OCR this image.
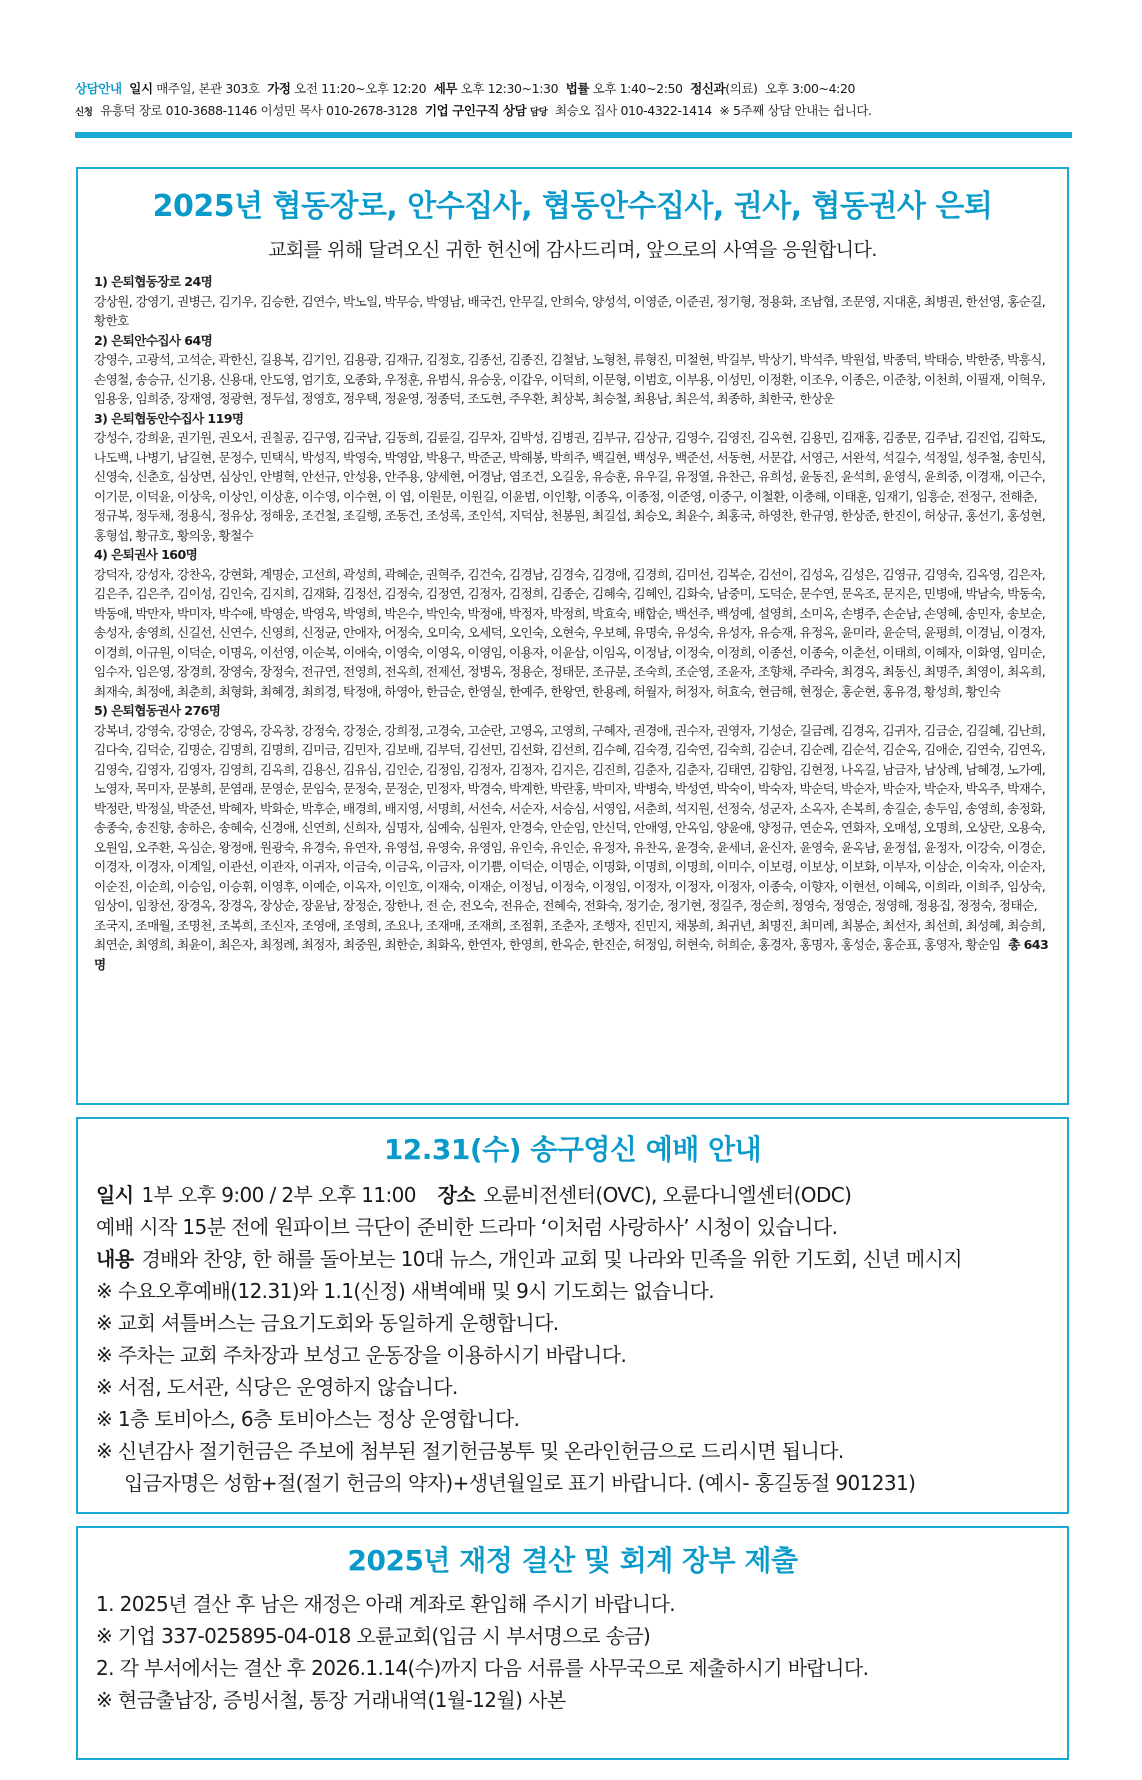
상담안내 일시 매주일, 본관 303호 가정 오전 11:20~오후 12:20 세무 오후 12:30~1:30 법률 오후 1:40~2:50 정신과(의료) 오후 3:00~4:20
신청 유흥덕 장로 010-3688-1146 이성민 목사 010-2678-3128 기업 구인구직 상담 담당 최승오 집사 010-4322-1414 ※ 5주째 상담 안내는 쉽니다.
2025년 협동장로, 안수집사, 협동안수집사, 권사, 협동권사 은퇴
교회를 위해 달려오신 귀한 헌신에 감사드리며, 앞으로의 사역을 응원합니다.
1) 은퇴협동장로 24명
강상원, 강영기, 권병근, 김기우, 김승한, 김연수, 박노일, 박무승, 박영남, 배국건, 안무길, 안희숙, 양성석, 이영준, 이준권, 정기형, 정용화, 조남협, 조문영, 지대훈, 최병권, 한선영, 홍순길, 황한호
2) 은퇴안수집사 64명
강영수, 고광석, 고석순, 곽한신, 길용복, 김기인, 김용광, 김재규, 김정호, 김종선, 김종진, 김철남, 노형천, 류형진, 미철현, 박길부, 박상기, 박석주, 박원섭, 박종덕, 박태승, 박한중, 박흥식, 손영철, 송승규, 신기용, 신용대, 안도영, 엄기호, 오종화, 우정훈, 유범식, 유승웅, 이갑우, 이덕희, 이문형, 이범호, 이부용, 이성민, 이정환, 이조우, 이종은, 이준창, 이천희, 이필재, 이혁우, 임용웅, 임희중, 장재영, 정광현, 정두섭, 정영호, 정우택, 정윤영, 정종덕, 조도현, 주우환, 최상복, 최승철, 최용남, 최은석, 최종하, 최한국, 한상운
3) 은퇴협동안수집사 119명
강성수, 강희윤, 권기원, 권오서, 권칠공, 김구영, 김국남, 김동희, 김륜길, 김무차, 김박성, 김병권, 김부규, 김상규, 김영수, 김영진, 김옥현, 김용민, 김재홍, 김종문, 김주남, 김진업, 김학도, 나도백, 나병기, 남길현, 문정수, 민택식, 박성직, 박영숙, 박영암, 박용구, 박준군, 박해봉, 박희주, 백길현, 백성우, 백준선, 서동현, 서문갑, 서영근, 서완석, 석길수, 석정일, 성주철, 송민식, 신영숙, 신춘호, 심상면, 심상인, 안병혁, 안선규, 안성용, 안주용, 양세현, 어경남, 염조건, 오길웅, 유승훈, 유우길, 유정열, 유찬근, 유희성, 윤동진, 윤석희, 윤영식, 윤희중, 이경재, 이근수, 이기문, 이덕윤, 이상욱, 이상인, 이상훈, 이수영, 이수현, 이 엽, 이원문, 이원길, 이윤범, 이인황, 이종옥, 이종정, 이준영, 이중구, 이철환, 이충해, 이태훈, 임재기, 임흥순, 전정구, 전해춘, 정규복, 정두채, 정용식, 정유상, 정해웅, 조건철, 조길행, 조동건, 조성록, 조인석, 지덕삼, 천봉원, 최길섭, 최승오, 최윤수, 최홍국, 하영찬, 한규영, 한상준, 한진이, 허상규, 홍선기, 홍성현, 홍형섭, 황규호, 황의웅, 황철수
4) 은퇴권사 160명
강덕자, 강성자, 강찬옥, 강현화, 계명순, 고선희, 곽성희, 곽혜순, 권혁주, 김건숙, 김경남, 김경숙, 김경애, 김경희, 김미선, 김복순, 김선이, 김성옥, 김성은, 김영규, 김영숙, 김옥영, 김은자, 김은주, 김은주, 김이성, 김인숙, 김지희, 김재화, 김정선, 김정숙, 김정연, 김정자, 김정희, 김종순, 김혜숙, 김혜인, 김화숙, 남중미, 도덕순, 문수연, 문옥조, 문지은, 민병애, 박남숙, 박동숙, 박동애, 박만자, 박미자, 박수애, 박영순, 박영옥, 박영희, 박은수, 박인숙, 박정애, 박정자, 박정희, 박효숙, 배합순, 백선주, 백성예, 설영희, 소미옥, 손병주, 손순남, 손영혜, 송민자, 송보순, 송성자, 송영희, 신길선, 신연수, 신영희, 신정균, 안애자, 어정숙, 오미숙, 오세덕, 오인숙, 오현숙, 우보혜, 유명숙, 유성숙, 유성자, 유승재, 유정옥, 윤미라, 윤순덕, 윤평희, 이경님, 이경자, 이경희, 이규원, 이덕순, 이명옥, 이선영, 이순복, 이애숙, 이영숙, 이영옥, 이영임, 이용자, 이윤삼, 이임옥, 이정남, 이정숙, 이정희, 이종선, 이종숙, 이춘선, 이태희, 이혜자, 이화영, 임미순, 임수자, 임은영, 장경희, 장영숙, 장정숙, 전규연, 전영희, 전옥희, 전제선, 정병옥, 정용순, 정태문, 조규분, 조숙희, 조순영, 조윤자, 조향채, 주라숙, 최경옥, 최동신, 최명주, 최영이, 최옥희, 최재숙, 최정애, 최춘희, 최형화, 최혜경, 최희경, 탁정애, 하영아, 한금순, 한영실, 한예주, 한왕연, 한용례, 허월자, 허정자, 허효숙, 현금해, 현정순, 홍순현, 홍유경, 황성희, 황인숙
5) 은퇴협동권사 276명
강복녀, 강영숙, 강영순, 강영옥, 강옥창, 강정숙, 강정순, 강희정, 고경숙, 고순란, 고영옥, 고영희, 구혜자, 권경애, 권수자, 권영자, 기성순, 길금례, 김경옥, 김귀자, 김금순, 김길혜, 김난희, 김다숙, 김덕순, 김명순, 김명희, 김명희, 김미금, 김민자, 김보배, 김부덕, 김선민, 김선화, 김선희, 김수혜, 김숙경, 김숙연, 김숙희, 김순녀, 김순례, 김순석, 김순옥, 김애순, 김연숙, 김연옥, 김영숙, 김영자, 김영자, 김영희, 김옥희, 김용신, 김유심, 김인순, 김정임, 김정자, 김정자, 김지은, 김진희, 김춘자, 김춘자, 김태연, 김향임, 김현정, 나옥길, 남금자, 남상례, 남혜경, 노가예, 노영자, 목미자, 문봉희, 문염래, 문영순, 문임숙, 문정숙, 문정순, 민정자, 박경숙, 박계한, 박란홍, 박미자, 박병숙, 박성연, 박숙이, 박숙자, 박순덕, 박순자, 박순자, 박순자, 박옥주, 박재수, 박정란, 박정실, 박준선, 박혜자, 박화순, 박후순, 배경희, 배지영, 서명희, 서선숙, 서순자, 서승심, 서영임, 서춘희, 석지원, 선정숙, 성군자, 소옥자, 손복희, 송길순, 송두임, 송영희, 송정화, 송종숙, 송진향, 송하은, 송혜숙, 신경애, 신연희, 신희자, 심명자, 심예숙, 심원자, 안경숙, 안순임, 안신덕, 안애영, 안옥임, 양윤애, 양정규, 연순옥, 연화자, 오매성, 오명희, 오상란, 오용숙, 오원임, 오주환, 옥심순, 왕정애, 원광숙, 유경숙, 유연자, 유영섬, 유영숙, 유영임, 유인숙, 유인순, 유정자, 유찬옥, 윤경숙, 윤세녀, 윤신자, 윤영숙, 윤옥남, 윤정섭, 윤정자, 이강숙, 이경순, 이경자, 이경자, 이계일, 이관선, 이관자, 이귀자, 이금숙, 이금옥, 이금자, 이기쁨, 이덕순, 이명순, 이명화, 이명희, 이명희, 이미수, 이보령, 이보상, 이보화, 이부자, 이삼순, 이숙자, 이순자, 이순진, 이순희, 이승임, 이승휘, 이영후, 이예순, 이옥자, 이인호, 이재숙, 이재순, 이정님, 이정숙, 이정임, 이정자, 이정자, 이정자, 이종숙, 이향자, 이현선, 이혜옥, 이희라, 이희주, 임상숙, 임상이, 임창선, 장경옥, 장경옥, 장상순, 장윤남, 장정순, 장한나, 전 순, 전오숙, 전유순, 전혜숙, 전화숙, 정기순, 정기현, 정길주, 정순희, 정영숙, 정영순, 정영해, 정용집, 정정숙, 정태순, 조국지, 조매월, 조명천, 조복희, 조신자, 조영애, 조영희, 조요나, 조재매, 조재희, 조점휘, 조춘자, 조행자, 진민지, 채봉희, 최귀년, 최명진, 최미례, 최봉순, 최선자, 최선희, 최성혜, 최승희, 최연순, 최영희, 최윤이, 최은자, 최정례, 최정자, 최중원, 최한순, 최화옥, 한연자, 한영희, 한옥순, 한진순, 허정임, 허현숙, 허희순, 홍경자, 홍명자, 홍성순, 홍순표, 홍영자, 황순임 총 643 명
12.31(수) 송구영신 예배 안내
일시 1부 오후 9:00 / 2부 오후 11:00 장소 오륜비전센터(OVC), 오륜다니엘센터(ODC)
예배 시작 15분 전에 원파이브 극단이 준비한 드라마 ‘이처럼 사랑하사’ 시청이 있습니다.
내용 경배와 찬양, 한 해를 돌아보는 10대 뉴스, 개인과 교회 및 나라와 민족을 위한 기도회, 신년 메시지
※ 수요오후예배(12.31)와 1.1(신정) 새벽예배 및 9시 기도회는 없습니다.
※ 교회 셔틀버스는 금요기도회와 동일하게 운행합니다.
※ 주차는 교회 주차장과 보성고 운동장을 이용하시기 바랍니다.
※ 서점, 도서관, 식당은 운영하지 않습니다.
※ 1층 토비아스, 6층 토비아스는 정상 운영합니다.
※ 신년감사 절기헌금은 주보에 첨부된 절기헌금봉투 및 온라인헌금으로 드리시면 됩니다.
입금자명은 성함+절(절기 헌금의 약자)+생년월일로 표기 바랍니다. (예시- 홍길동절 901231)
2025년 재정 결산 및 회계 장부 제출
1. 2025년 결산 후 남은 재정은 아래 계좌로 환입해 주시기 바랍니다.
※ 기업 337-025895-04-018 오륜교회(입금 시 부서명으로 송금)
2. 각 부서에서는 결산 후 2026.1.14(수)까지 다음 서류를 사무국으로 제출하시기 바랍니다.
※ 현금출납장, 증빙서철, 통장 거래내역(1월-12월) 사본
